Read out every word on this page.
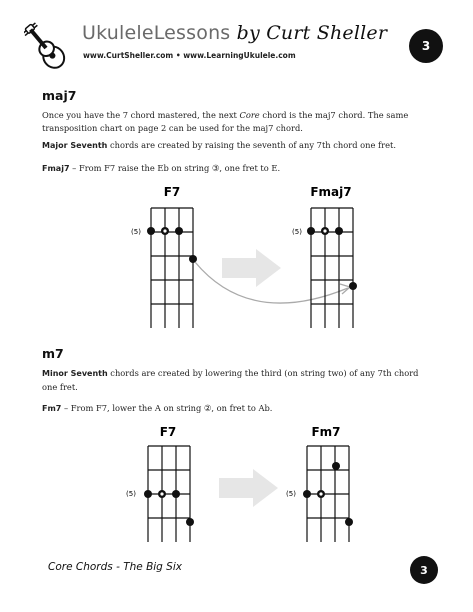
UkuleleLessons by Curt Sheller
www.CurtSheller.com • www.LearningUkulele.com
3
maj7

Once you have the 7 chord mastered, the next Core chord is the maj7 chord. The same transposition chart on page 2 can be used for the maj7 chord.

Major Seventh chords are created by raising the seventh of any 7th chord one fret.

Fmaj7 – From F7 raise the Eb on string ③, one fret to E.

F7
(5)
Fmaj7
(5)
m7

Minor Seventh chords are created by lowering the third (on string two) of any 7th chord one fret.

Fm7 – From F7, lower the A on string ②, on fret to Ab.

F7
(5)
Fm7
(5)
Core Chords - The Big Six	3
